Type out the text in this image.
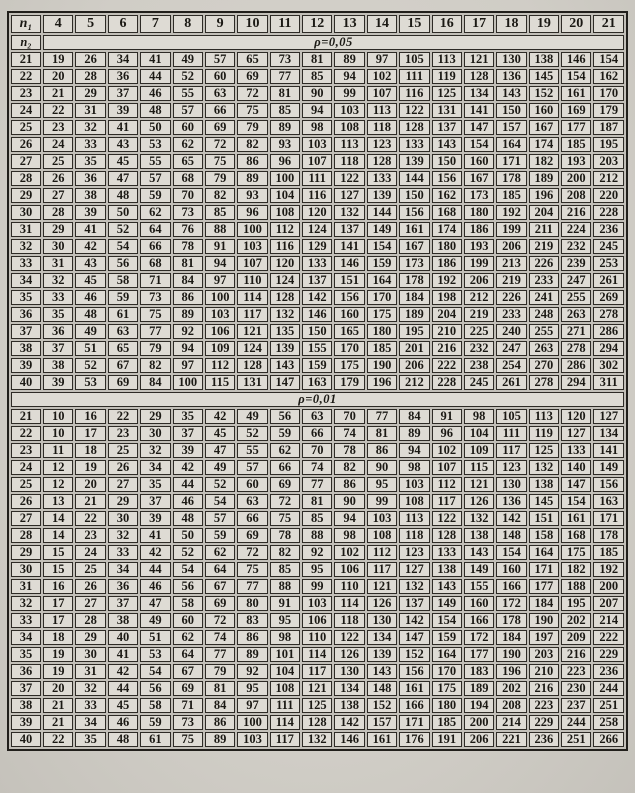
n₁	4	5	6	7	8	9	10	11	12	13	14	15	16	17	18	19	20	21
n₂	ρ=0,05																	
21	19	26	34	41	49	57	65	73	81	89	97	105	113	121	130	138	146	154
22	20	28	36	44	52	60	69	77	85	94	102	111	119	128	136	145	154	162
23	21	29	37	46	55	63	72	81	90	99	107	116	125	134	143	152	161	170
24	22	31	39	48	57	66	75	85	94	103	113	122	131	141	150	160	169	179
25	23	32	41	50	60	69	79	89	98	108	118	128	137	147	157	167	177	187
26	24	33	43	53	62	72	82	93	103	113	123	133	143	154	164	174	185	195
27	25	35	45	55	65	75	86	96	107	118	128	139	150	160	171	182	193	203
28	26	36	47	57	68	79	89	100	111	122	133	144	156	167	178	189	200	212
29	27	38	48	59	70	82	93	104	116	127	139	150	162	173	185	196	208	220
30	28	39	50	62	73	85	96	108	120	132	144	156	168	180	192	204	216	228
31	29	41	52	64	76	88	100	112	124	137	149	161	174	186	199	211	224	236
32	30	42	54	66	78	91	103	116	129	141	154	167	180	193	206	219	232	245
33	31	43	56	68	81	94	107	120	133	146	159	173	186	199	213	226	239	253
34	32	45	58	71	84	97	110	124	137	151	164	178	192	206	219	233	247	261
35	33	46	59	73	86	100	114	128	142	156	170	184	198	212	226	241	255	269
36	35	48	61	75	89	103	117	132	146	160	175	189	204	219	233	248	263	278
37	36	49	63	77	92	106	121	135	150	165	180	195	210	225	240	255	271	286
38	37	51	65	79	94	109	124	139	155	170	185	201	216	232	247	263	278	294
39	38	52	67	82	97	112	128	143	159	175	190	206	222	238	254	270	286	302
40	39	53	69	84	100	115	131	147	163	179	196	212	228	245	261	278	294	311
ρ=0,01																		
21	10	16	22	29	35	42	49	56	63	70	77	84	91	98	105	113	120	127
22	10	17	23	30	37	45	52	59	66	74	81	89	96	104	111	119	127	134
23	11	18	25	32	39	47	55	62	70	78	86	94	102	109	117	125	133	141
24	12	19	26	34	42	49	57	66	74	82	90	98	107	115	123	132	140	149
25	12	20	27	35	44	52	60	69	77	86	95	103	112	121	130	138	147	156
26	13	21	29	37	46	54	63	72	81	90	99	108	117	126	136	145	154	163
27	14	22	30	39	48	57	66	75	85	94	103	113	122	132	142	151	161	171
28	14	23	32	41	50	59	69	78	88	98	108	118	128	138	148	158	168	178
29	15	24	33	42	52	62	72	82	92	102	112	123	133	143	154	164	175	185
30	15	25	34	44	54	64	75	85	95	106	117	127	138	149	160	171	182	192
31	16	26	36	46	56	67	77	88	99	110	121	132	143	155	166	177	188	200
32	17	27	37	47	58	69	80	91	103	114	126	137	149	160	172	184	195	207
33	17	28	38	49	60	72	83	95	106	118	130	142	154	166	178	190	202	214
34	18	29	40	51	62	74	86	98	110	122	134	147	159	172	184	197	209	222
35	19	30	41	53	64	77	89	101	114	126	139	152	164	177	190	203	216	229
36	19	31	42	54	67	79	92	104	117	130	143	156	170	183	196	210	223	236
37	20	32	44	56	69	81	95	108	121	134	148	161	175	189	202	216	230	244
38	21	33	45	58	71	84	97	111	125	138	152	166	180	194	208	223	237	251
39	21	34	46	59	73	86	100	114	128	142	157	171	185	200	214	229	244	258
40	22	35	48	61	75	89	103	117	132	146	161	176	191	206	221	236	251	266
